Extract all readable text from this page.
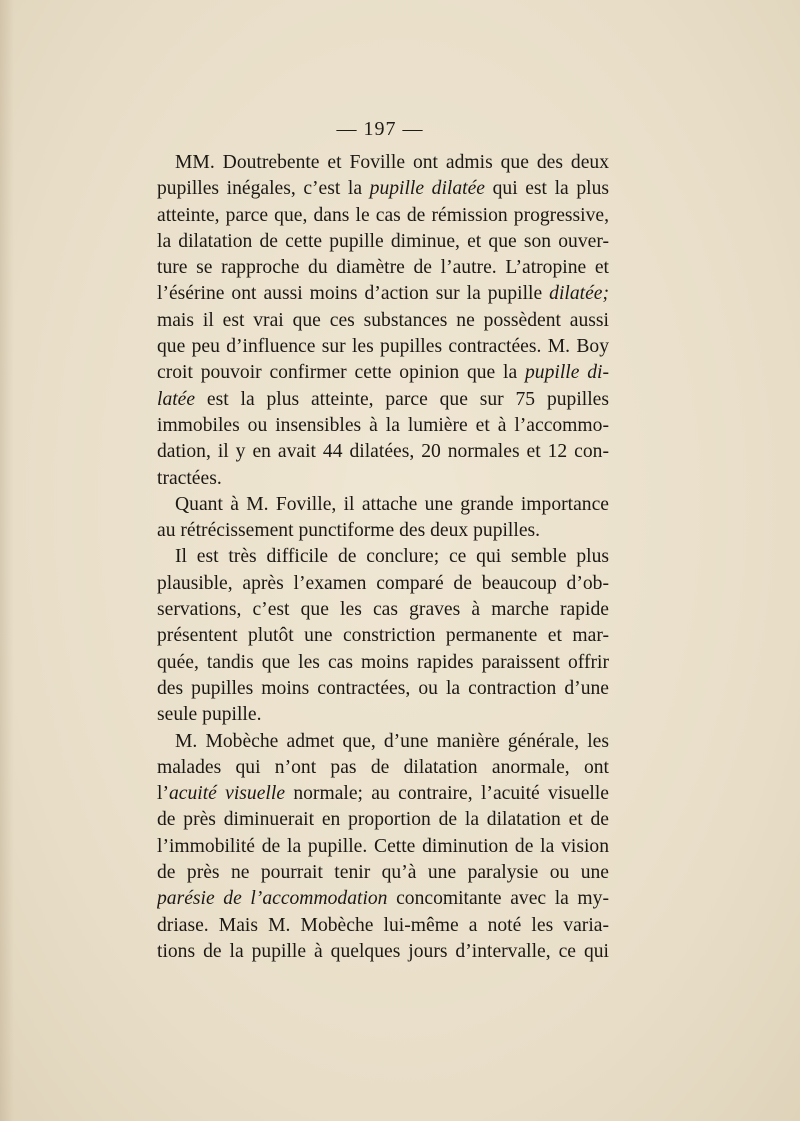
— 197 —
MM. Doutrebente et Foville ont admis que des deux
pupilles inégales, c’est la pupille dilatée qui est la plus
atteinte, parce que, dans le cas de rémission progressive,
la dilatation de cette pupille diminue, et que son ouver-
ture se rapproche du diamètre de l’autre. L’atropine et
l’ésérine ont aussi moins d’action sur la pupille dilatée;
mais il est vrai que ces substances ne possèdent aussi
que peu d’influence sur les pupilles contractées. M. Boy
croit pouvoir confirmer cette opinion que la pupille di-
latée est la plus atteinte, parce que sur 75 pupilles
immobiles ou insensibles à la lumière et à l’accommo-
dation, il y en avait 44 dilatées, 20 normales et 12 con-
tractées.
Quant à M. Foville, il attache une grande importance
au rétrécissement punctiforme des deux pupilles.
Il est très difficile de conclure; ce qui semble plus
plausible, après l’examen comparé de beaucoup d’ob-
servations, c’est que les cas graves à marche rapide
présentent plutôt une constriction permanente et mar-
quée, tandis que les cas moins rapides paraissent offrir
des pupilles moins contractées, ou la contraction d’une
seule pupille.
M. Mobèche admet que, d’une manière générale, les
malades qui n’ont pas de dilatation anormale, ont
l’acuité visuelle normale; au contraire, l’acuité visuelle
de près diminuerait en proportion de la dilatation et de
l’immobilité de la pupille. Cette diminution de la vision
de près ne pourrait tenir qu’à une paralysie ou une
parésie de l’accommodation concomitante avec la my-
driase. Mais M. Mobèche lui-même a noté les varia-
tions de la pupille à quelques jours d’intervalle, ce qui
